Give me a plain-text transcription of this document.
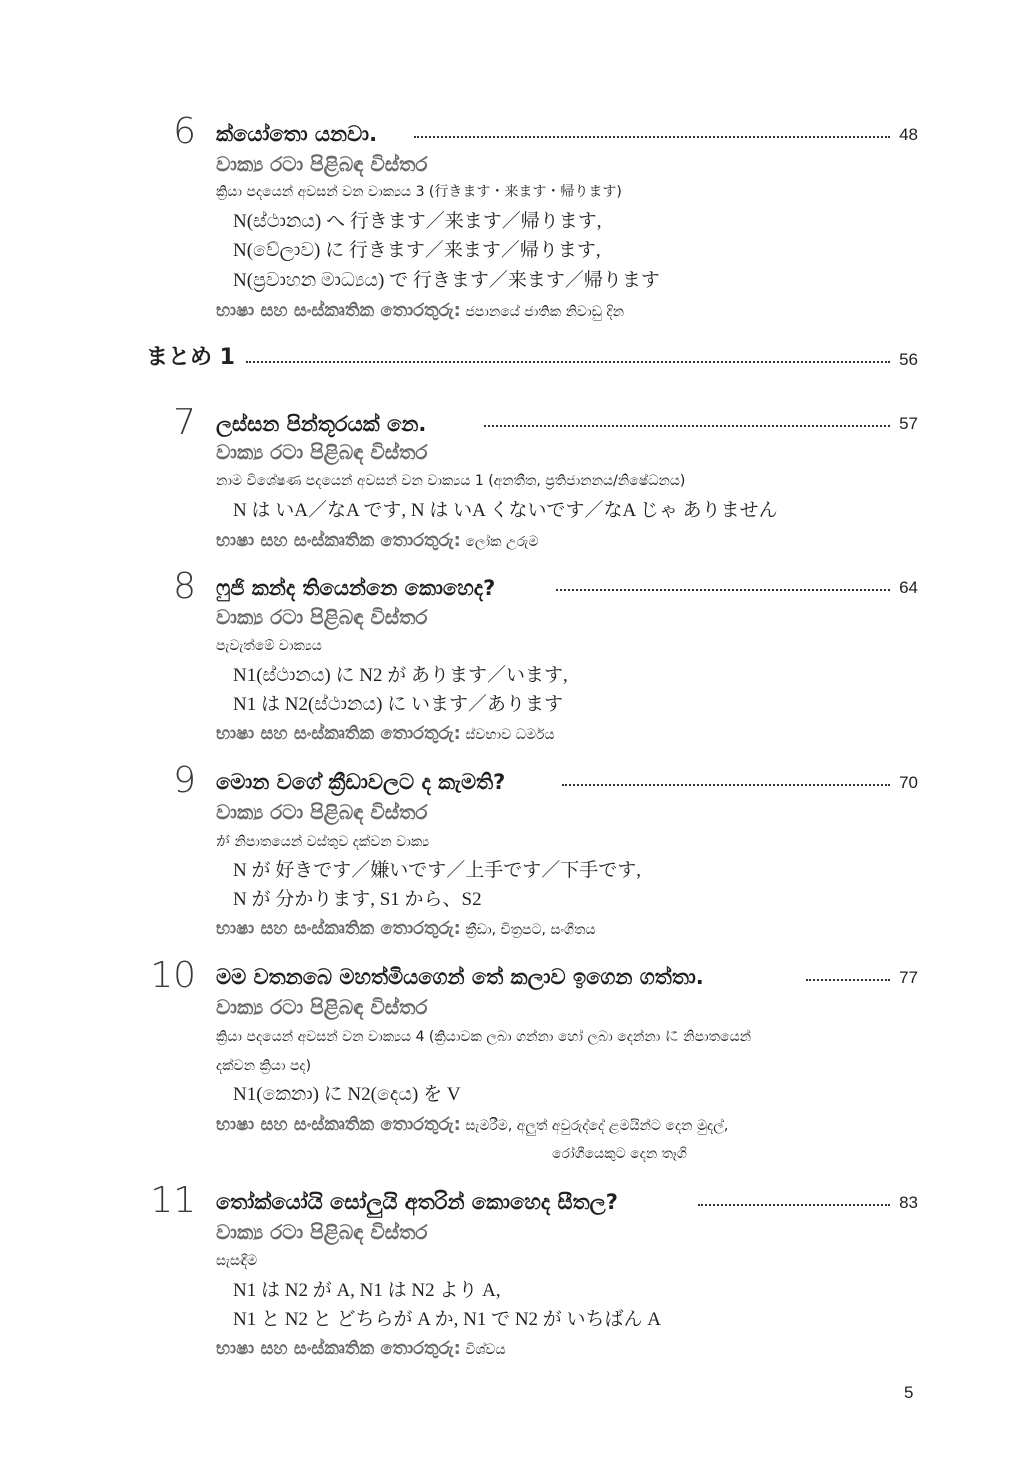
6 ක්යෝතො යනවා.	48
වාක්‍ය රටා පිළිබඳ විස්තර
ක්‍රියා පදයෙන් අවසන් වන වාක්‍යය 3 (行きます・来ます・帰ります)
N(ස්ථානය) へ 行きます／来ます／帰ります,
N(වේලාව) に 行きます／来ます／帰ります,
N(ප්‍රවාහන මාධ්‍යය) で 行きます／来ます／帰ります
භාෂා සහ සංස්කෘතික තොරතුරු: ජපානයේ ජාතික නිවාඩු දින
まとめ 1	56
7 ලස්සන පින්තූරයක් නෙ.	57
වාක්‍ය රටා පිළිබඳ විස්තර
නාම විශේෂණ පදයෙන් අවසන් වන වාක්‍යය 1 (අනතීත, ප්‍රතිජානනය/නිෂේධනය)
N は いA／なA です, N は いA くないです／なA じゃ ありません
භාෂා සහ සංස්කෘතික තොරතුරු: ලෝක උරුම
8 ෆුජි කන්ද තියෙන්නෙ කොහෙද?	64
වාක්‍ය රටා පිළිබඳ විස්තර
පැවැත්මේ වාක්‍යය
N1(ස්ථානය) に N2 が あります／います,
N1 は N2(ස්ථානය) に います／あります
භාෂා සහ සංස්කෘතික තොරතුරු: ස්වභාව ධර්මය
9 මොන වගේ ක්‍රීඩාවලට ද කැමති?	70
වාක්‍ය රටා පිළිබඳ විස්තර
が නිපාතයෙන් වස්තුව දක්වන වාක්‍ය
N が 好きです／嫌いです／上手です／下手です,
N が 分かります, S1 から、S2
භාෂා සහ සංස්කෘතික තොරතුරු: ක්‍රීඩා, චිත්‍රපට, සංගීතය
10 මම වතනබෙ මහත්මියගෙන් තේ කලාව ඉගෙන ගත්තා.	77
වාක්‍ය රටා පිළිබඳ විස්තර
ක්‍රියා පදයෙන් අවසන් වන වාක්‍යය 4 (ක්‍රියාවක ලබා ගන්නා හෝ ලබා දෙන්නා に නිපාතයෙන්
දක්වන ක්‍රියා පද)
N1(කෙනා) に N2(දෙය) を V
භාෂා සහ සංස්කෘතික තොරතුරු: සැමරීම, අලුත් අවුරුද්දේ ළමයින්ට දෙන මුදල්,
රෝගීයෙකුට දෙන තෑගි
11 තෝක්යෝයි සෝලුයි අතරින් කොහෙද සීතල?	83
වාක්‍ය රටා පිළිබඳ විස්තර
සැසඳීම
N1 は N2 が A, N1 は N2 より A,
N1 と N2 と どちらが A か, N1 で N2 が いちばん A
භාෂා සහ සංස්කෘතික තොරතුරු: විශ්වය
5
